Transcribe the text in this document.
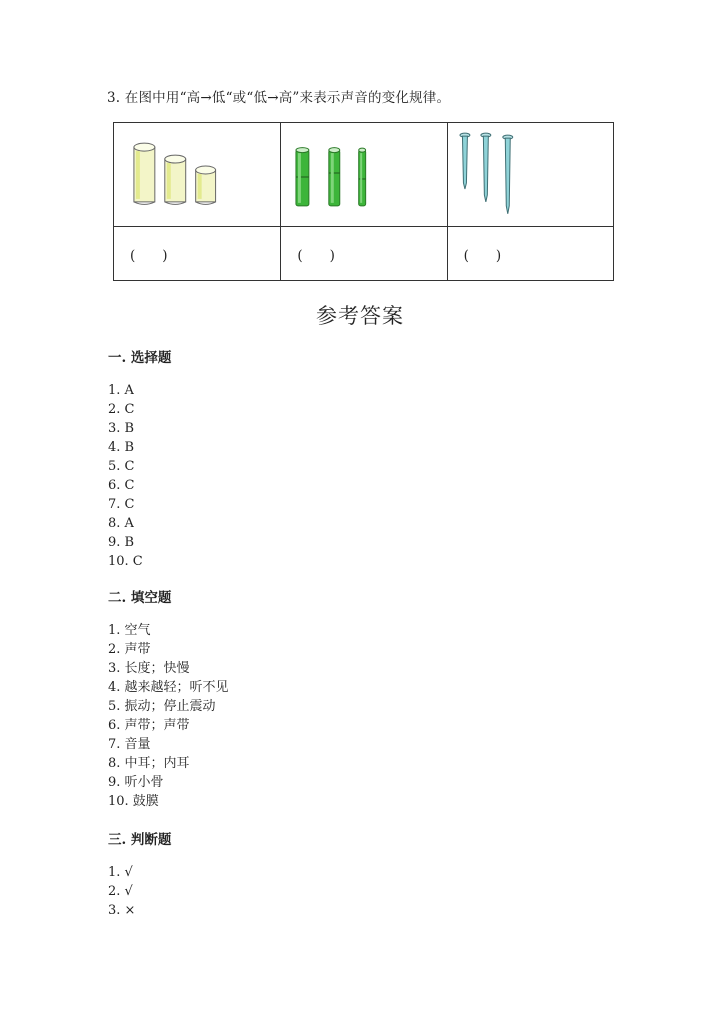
3. 在图中用“高→低“或“低→高”来表示声音的变化规律。

(　　)	(　　)	(　　)
参考答案
一. 选择题
1. A
2. C
3. B
4. B
5. C
6. C
7. C
8. A
9. B
10. C
二. 填空题
1. 空气
2. 声带
3. 长度；快慢
4. 越来越轻；听不见
5. 振动；停止震动
6. 声带；声带
7. 音量
8. 中耳；内耳
9. 听小骨
10. 鼓膜
三. 判断题
1. √
2. √
3. ×
